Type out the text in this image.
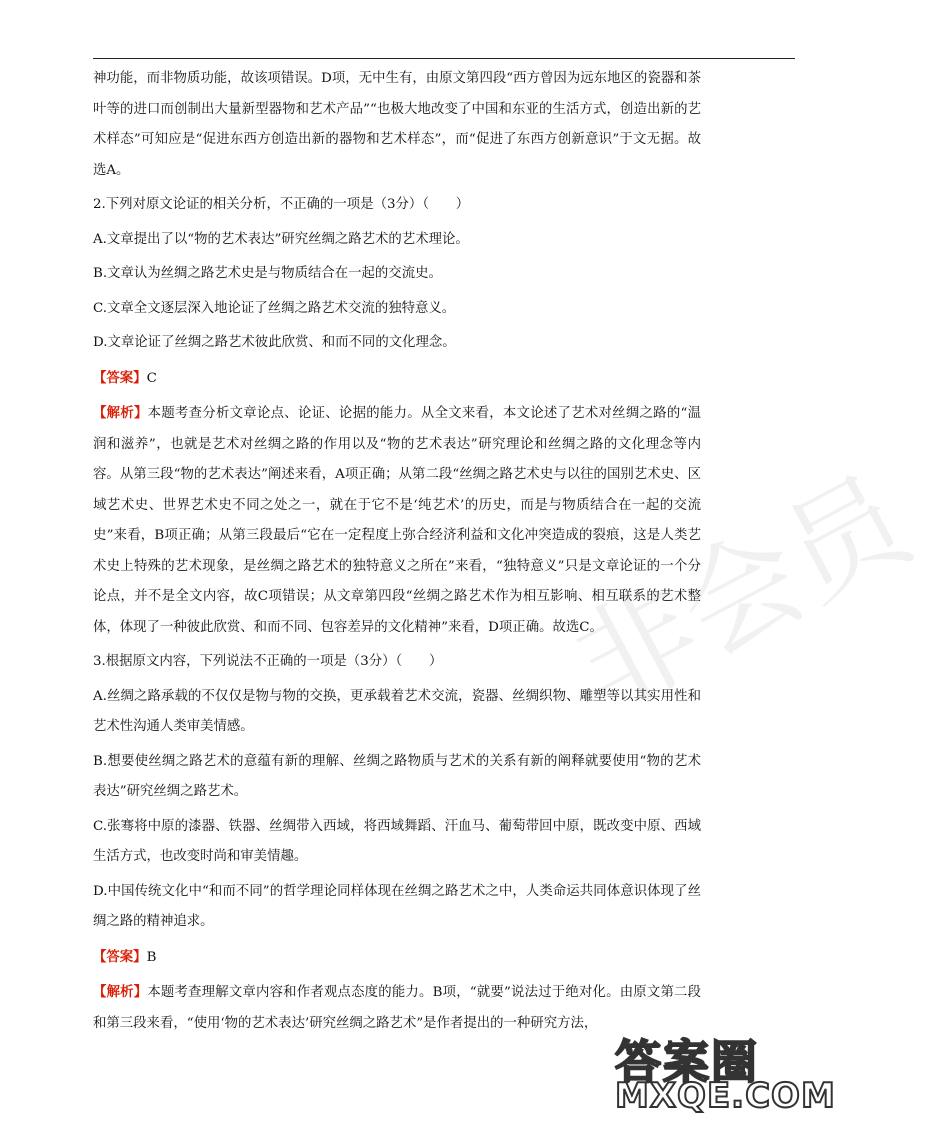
非会员

神功能，而非物质功能，故该项错误。D项，无中生有，由原文第四段“西方曾因为远东地区的瓷器和茶叶等的进口而创制出大量新型器物和艺术产品”“也极大地改变了中国和东亚的生活方式，创造出新的艺术样态”可知应是“促进东西方创造出新的器物和艺术样态”，而“促进了东西方创新意识”于文无据。故选A。

2.下列对原文论证的相关分析，不正确的一项是（3分）（　　）

A.文章提出了以“物的艺术表达”研究丝绸之路艺术的艺术理论。

B.文章认为丝绸之路艺术史是与物质结合在一起的交流史。

C.文章全文逐层深入地论证了丝绸之路艺术交流的独特意义。

D.文章论证了丝绸之路艺术彼此欣赏、和而不同的文化理念。

【答案】C

【解析】本题考查分析文章论点、论证、论据的能力。从全文来看，本文论述了艺术对丝绸之路的“温润和滋养”，也就是艺术对丝绸之路的作用以及“物的艺术表达”研究理论和丝绸之路的文化理念等内容。从第三段“物的艺术表达”阐述来看，A项正确；从第二段“丝绸之路艺术史与以往的国别艺术史、区域艺术史、世界艺术史不同之处之一，就在于它不是‘纯艺术’的历史，而是与物质结合在一起的交流史”来看，B项正确；从第三段最后“它在一定程度上弥合经济利益和文化冲突造成的裂痕，这是人类艺术史上特殊的艺术现象，是丝绸之路艺术的独特意义之所在”来看，“独特意义”只是文章论证的一个分论点，并不是全文内容，故C项错误；从文章第四段“丝绸之路艺术作为相互影响、相互联系的艺术整体，体现了一种彼此欣赏、和而不同、包容差异的文化精神”来看，D项正确。故选C。

3.根据原文内容，下列说法不正确的一项是（3分）（　　）

A.丝绸之路承载的不仅仅是物与物的交换，更承载着艺术交流，瓷器、丝绸织物、雕塑等以其实用性和艺术性沟通人类审美情感。

B.想要使丝绸之路艺术的意蕴有新的理解、丝绸之路物质与艺术的关系有新的阐释就要使用“物的艺术表达”研究丝绸之路艺术。

C.张骞将中原的漆器、铁器、丝绸带入西域，将西域舞蹈、汗血马、葡萄带回中原，既改变中原、西域生活方式，也改变时尚和审美情趣。

D.中国传统文化中“和而不同”的哲学理论同样体现在丝绸之路艺术之中，人类命运共同体意识体现了丝绸之路的精神追求。

【答案】B

【解析】本题考查理解文章内容和作者观点态度的能力。B项，“就要”说法过于绝对化。由原文第二段和第三段来看，“使用‘物的艺术表达’研究丝绸之路艺术”是作者提出的一种研究方法，

答案圈
MXQE.COM
